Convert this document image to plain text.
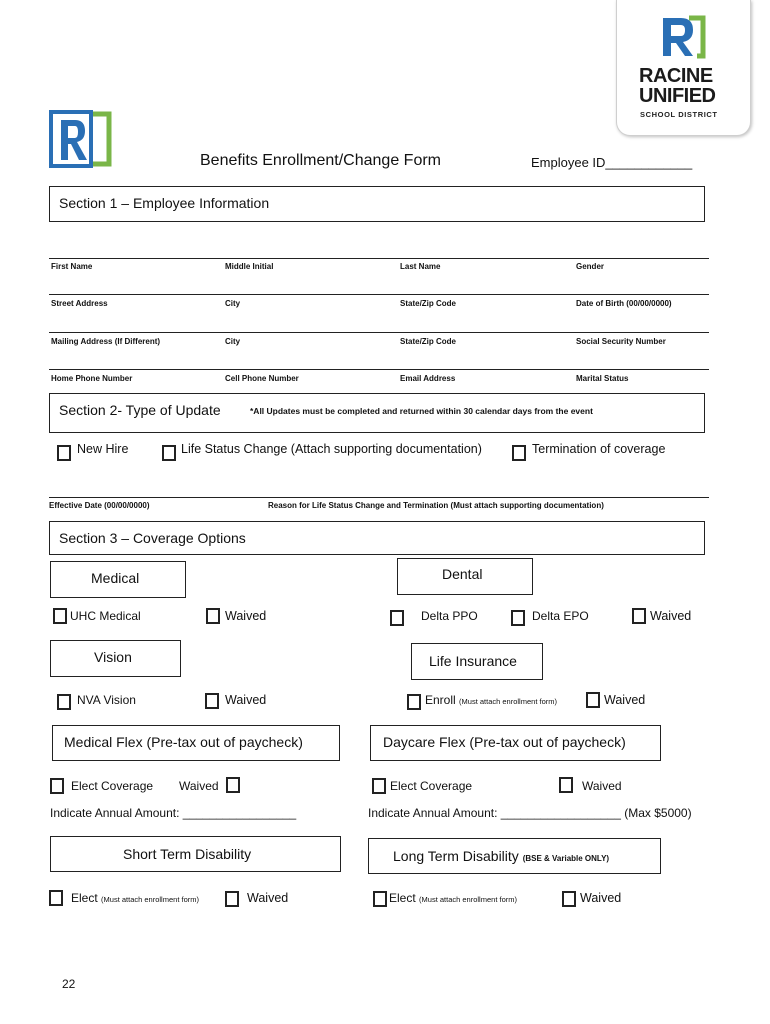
RACINE
UNIFIED
SCHOOL DISTRICT
Benefits Enrollment/Change Form	Employee ID____________
Section 1 – Employee Information
First Name	Middle Initial	Last Name	Gender
Street Address	City	State/Zip Code	Date of Birth (00/00/0000)
Mailing Address (If Different)	City	State/Zip Code	Social Security Number
Home Phone Number	Cell Phone Number	Email Address	Marital Status
Section 2- Type of Update	*All Updates must be completed and returned within 30 calendar days from the event
New Hire	Life Status Change (Attach supporting documentation)	Termination of coverage
Effective Date (00/00/0000)	Reason for Life Status Change and Termination (Must attach supporting documentation)
Section 3 – Coverage Options
Medical
UHC Medical	Waived
Dental
Delta PPO	Delta EPO	Waived
Vision
NVA Vision	Waived
Life Insurance
Enroll (Must attach enrollment form)	Waived
Medical Flex (Pre-tax out of paycheck)
Elect Coverage Waived
Indicate Annual Amount: _________________
Daycare Flex (Pre-tax out of paycheck)
Elect Coverage	Waived
Indicate Annual Amount: __________________ (Max $5000)
Short Term Disability
Elect (Must attach enrollment form)	Waived
Long Term Disability (BSE & Variable ONLY)
Elect (Must attach enrollment form)	Waived
22
